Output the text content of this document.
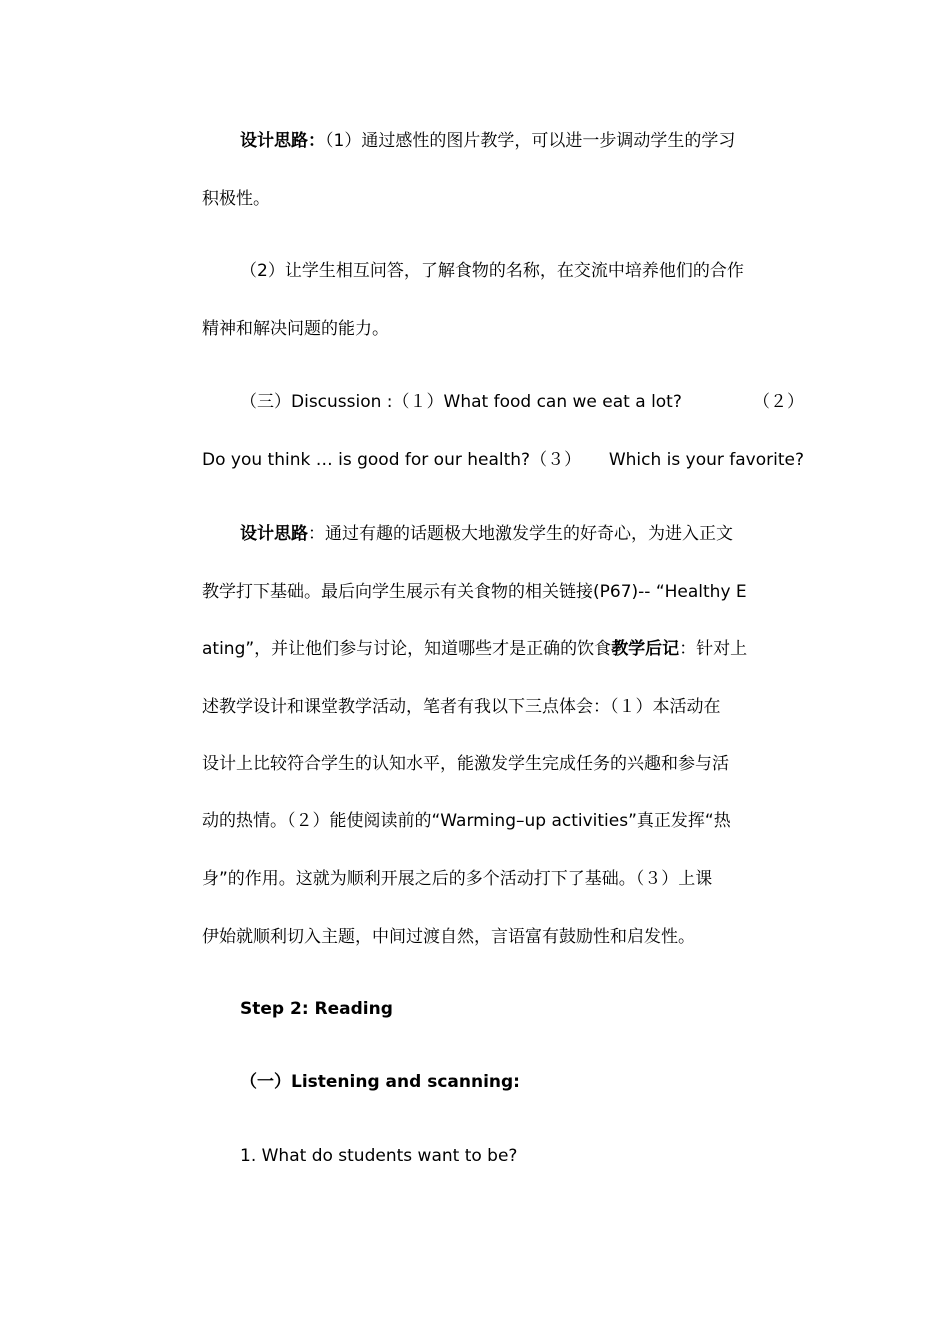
设计思路：（1）通过感性的图片教学，可以进一步调动学生的学习
积极性。
（2）让学生相互问答，了解食物的名称，在交流中培养他们的合作
精神和解决问题的能力。
（三）Discussion :（１）What food can we eat a lot?	（２）
Do you think … is good for our health?（３） Which is your favorite?
设计思路：通过有趣的话题极大地激发学生的好奇心，为进入正文
教学打下基础。最后向学生展示有关食物的相关链接(P67)-- “Healthy E
ating”，并让他们参与讨论，知道哪些才是正确的饮食教学后记：针对上
述教学设计和课堂教学活动，笔者有我以下三点体会：（１）本活动在
设计上比较符合学生的认知水平，能激发学生完成任务的兴趣和参与活
动的热情。（２）能使阅读前的“Warming–up activities”真正发挥“热
身”的作用。这就为顺利开展之后的多个活动打下了基础。（３）上课
伊始就顺利切入主题，中间过渡自然，言语富有鼓励性和启发性。
Step 2: Reading
（一）Listening and scanning:
1. What do students want to be?
